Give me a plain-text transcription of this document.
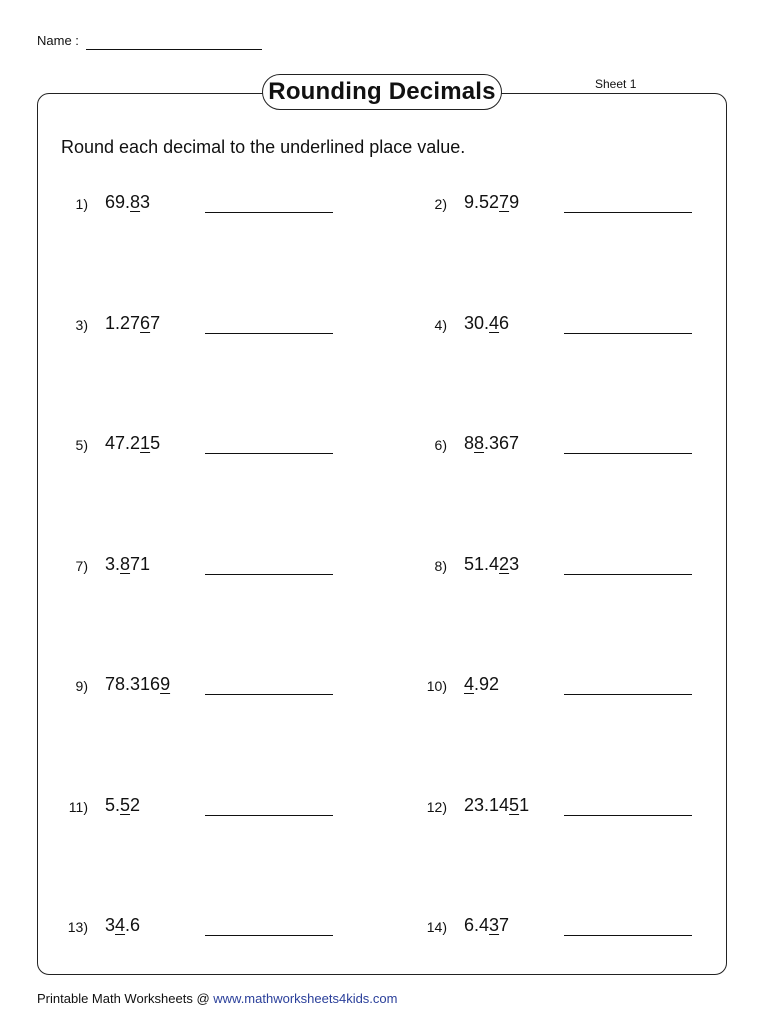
Name :
Sheet 1
Rounding Decimals
Round each decimal to the underlined place value.
1) 69.83	2) 9.5279
3) 1.2767	4) 30.46
5) 47.215	6) 88.367
7) 3.871	8) 51.423
9) 78.3169	10) 4.92
11) 5.52	12) 23.1451
13) 34.6	14) 6.437
Printable Math Worksheets @ www.mathworksheets4kids.com
